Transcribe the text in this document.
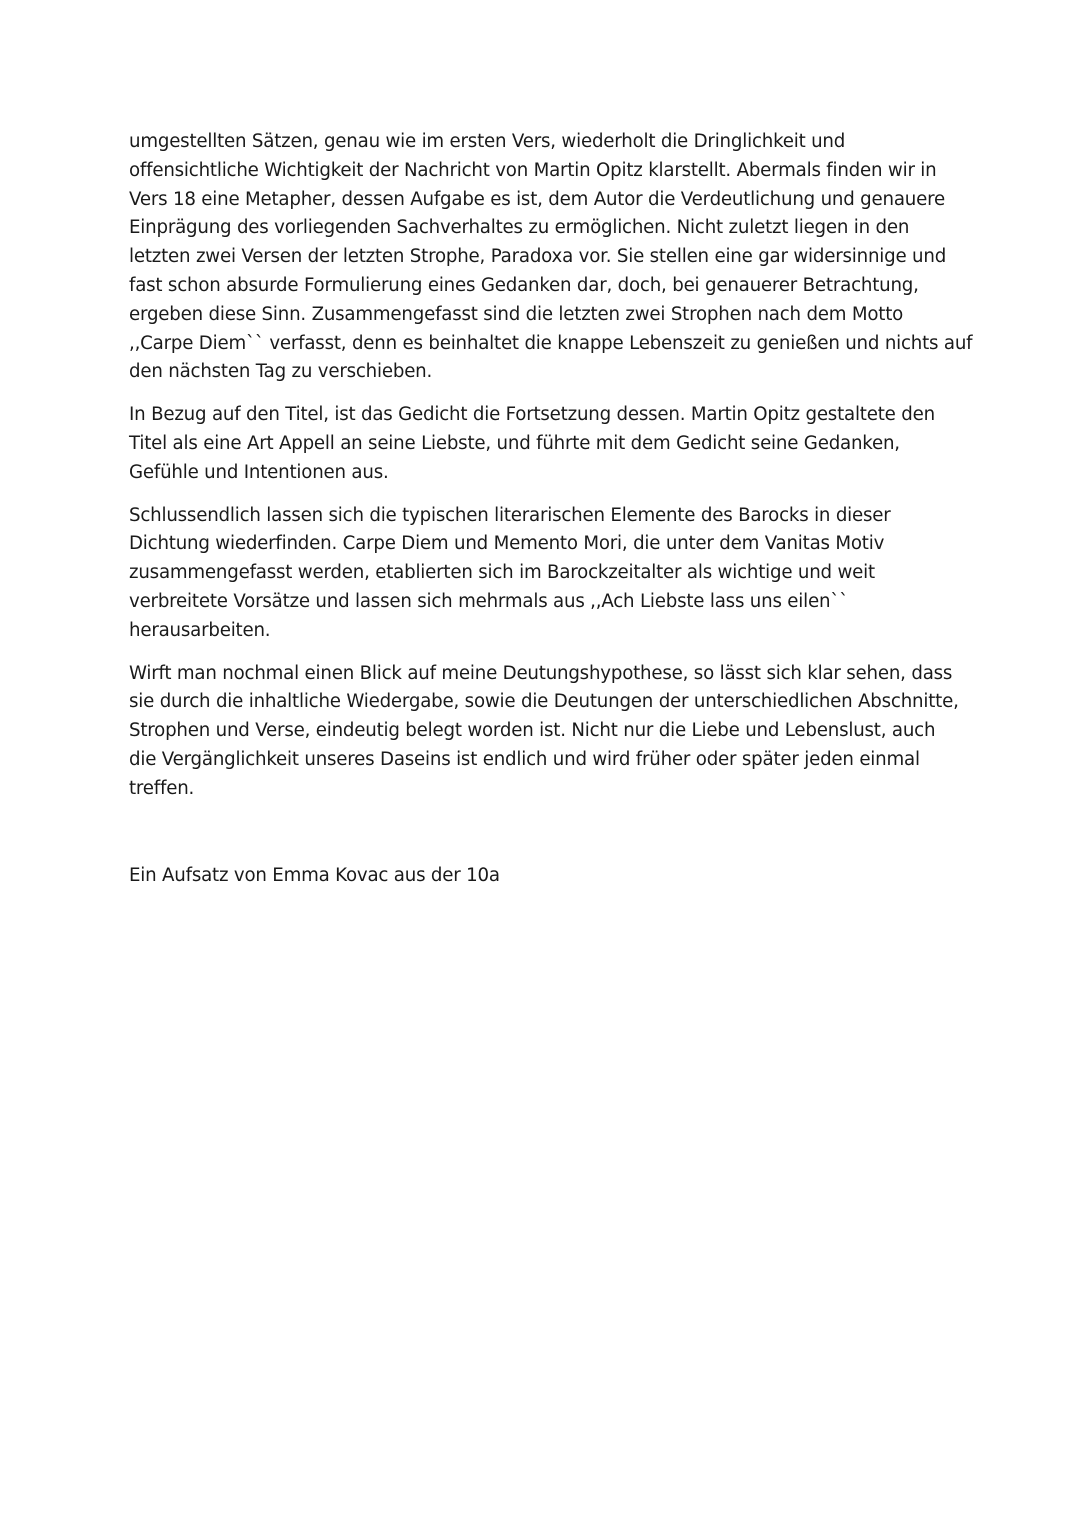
umgestellten Sätzen, genau wie im ersten Vers, wiederholt die Dringlichkeit und
offensichtliche Wichtigkeit der Nachricht von Martin Opitz klarstellt. Abermals finden wir in
Vers 18 eine Metapher, dessen Aufgabe es ist, dem Autor die Verdeutlichung und genauere
Einprägung des vorliegenden Sachverhaltes zu ermöglichen. Nicht zuletzt liegen in den
letzten zwei Versen der letzten Strophe, Paradoxa vor. Sie stellen eine gar widersinnige und
fast schon absurde Formulierung eines Gedanken dar, doch, bei genauerer Betrachtung,
ergeben diese Sinn. Zusammengefasst sind die letzten zwei Strophen nach dem Motto
,,Carpe Diem`` verfasst, denn es beinhaltet die knappe Lebenszeit zu genießen und nichts auf
den nächsten Tag zu verschieben.

In Bezug auf den Titel, ist das Gedicht die Fortsetzung dessen. Martin Opitz gestaltete den
Titel als eine Art Appell an seine Liebste, und führte mit dem Gedicht seine Gedanken,
Gefühle und Intentionen aus.

Schlussendlich lassen sich die typischen literarischen Elemente des Barocks in dieser
Dichtung wiederfinden. Carpe Diem und Memento Mori, die unter dem Vanitas Motiv
zusammengefasst werden, etablierten sich im Barockzeitalter als wichtige und weit
verbreitete Vorsätze und lassen sich mehrmals aus ,,Ach Liebste lass uns eilen``
herausarbeiten.

Wirft man nochmal einen Blick auf meine Deutungshypothese, so lässt sich klar sehen, dass
sie durch die inhaltliche Wiedergabe, sowie die Deutungen der unterschiedlichen Abschnitte,
Strophen und Verse, eindeutig belegt worden ist. Nicht nur die Liebe und Lebenslust, auch
die Vergänglichkeit unseres Daseins ist endlich und wird früher oder später jeden einmal
treffen.

Ein Aufsatz von Emma Kovac aus der 10a
